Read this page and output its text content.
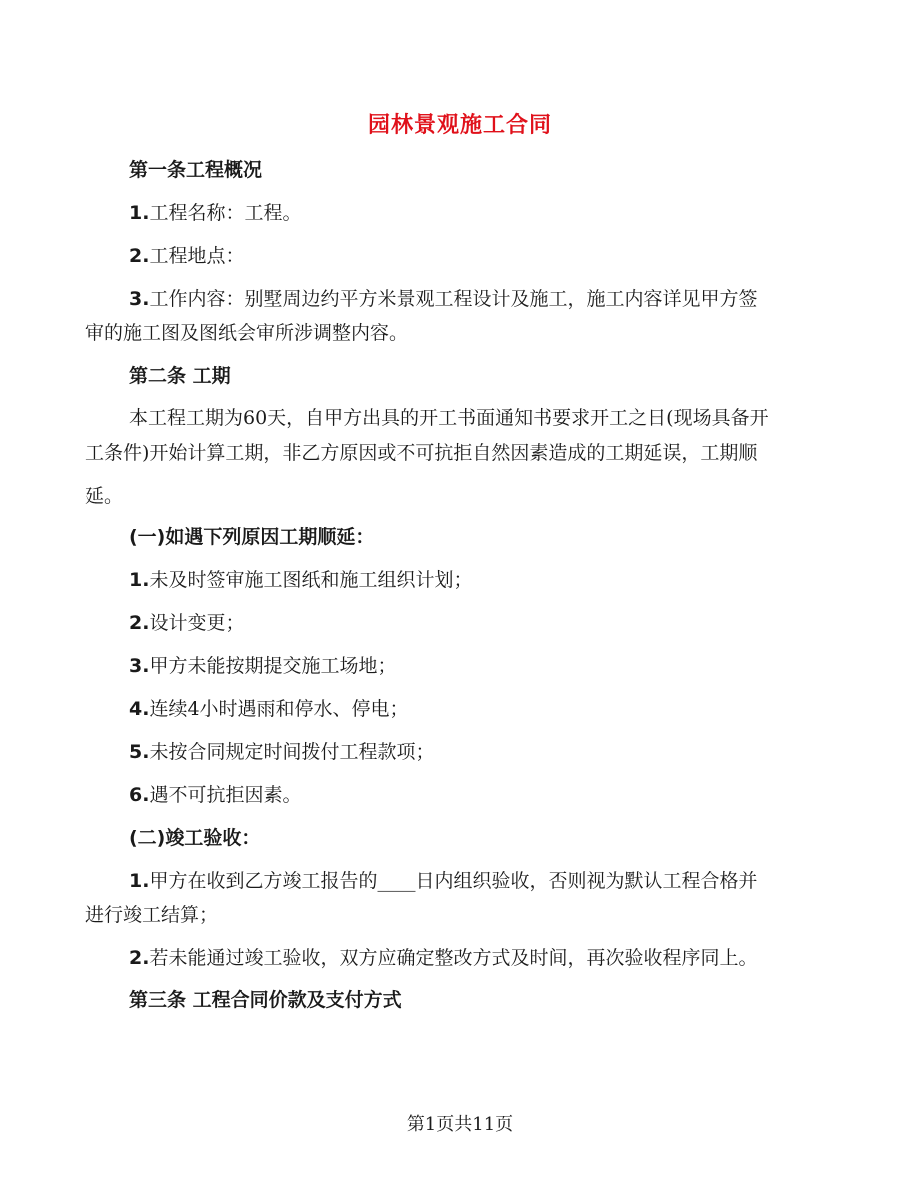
园林景观施工合同
第一条工程概况
1.工程名称：工程。
2.工程地点：
3.工作内容：别墅周边约平方米景观工程设计及施工，施工内容详见甲方签
审的施工图及图纸会审所涉调整内容。
第二条 工期
本工程工期为60天，自甲方出具的开工书面通知书要求开工之日(现场具备开
工条件)开始计算工期，非乙方原因或不可抗拒自然因素造成的工期延误，工期顺
延。
(一)如遇下列原因工期顺延：
1.未及时签审施工图纸和施工组织计划；
2.设计变更；
3.甲方未能按期提交施工场地；
4.连续4小时遇雨和停水、停电；
5.未按合同规定时间拨付工程款项；
6.遇不可抗拒因素。
(二)竣工验收：
1.甲方在收到乙方竣工报告的____日内组织验收，否则视为默认工程合格并
进行竣工结算；
2.若未能通过竣工验收，双方应确定整改方式及时间，再次验收程序同上。
第三条 工程合同价款及支付方式
第1页共11页
